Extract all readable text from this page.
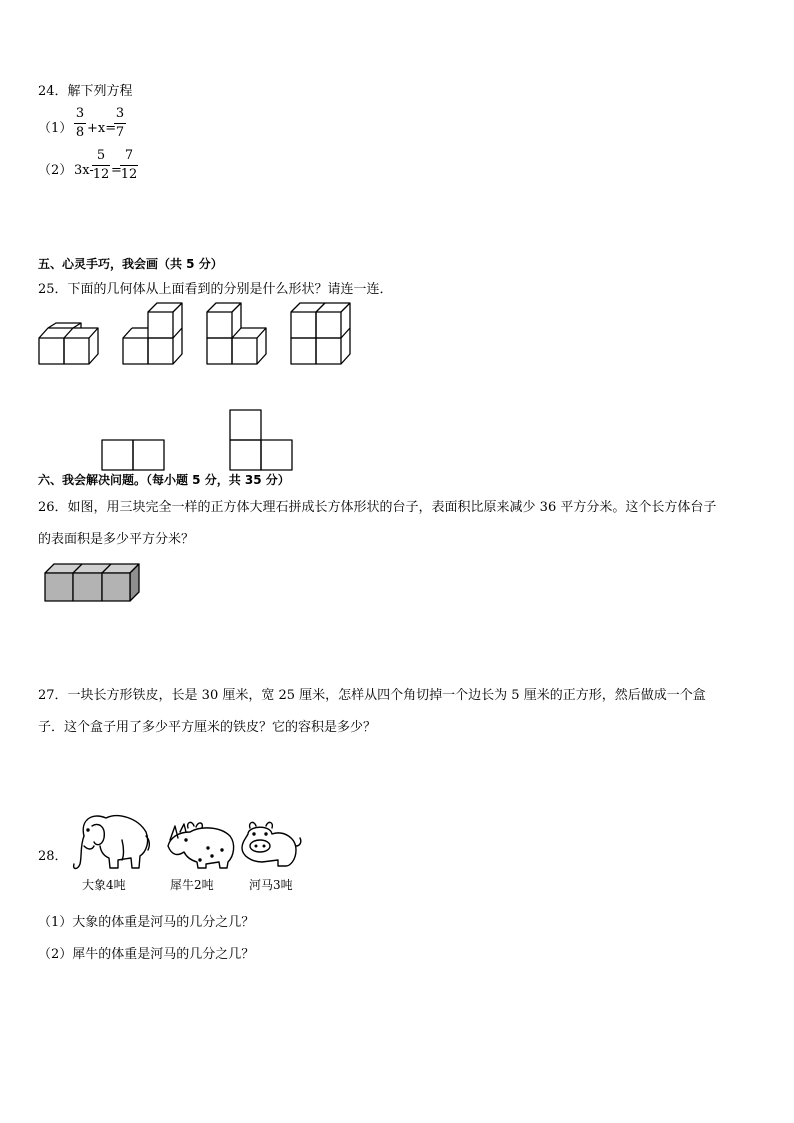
24．解下列方程
（1）
3
8 +x=
3
7
（2） 3x-
5
12 =
7
12
五、心灵手巧，我会画（共 5 分）
25．下面的几何体从上面看到的分别是什么形状？请连一连．
六、我会解决问题。（每小题 5 分，共 35 分）
26．如图，用三块完全一样的正方体大理石拼成长方体形状的台子，表面积比原来减少 36 平方分米。这个长方体台子
的表面积是多少平方分米？
27．一块长方形铁皮，长是 30 厘米，宽 25 厘米，怎样从四个角切掉一个边长为 5 厘米的正方形，然后做成一个盒
子．这个盒子用了多少平方厘米的铁皮？它的容积是多少？
28．
大象4吨	犀牛2吨	河马3吨
（1）大象的体重是河马的几分之几？
（2）犀牛的体重是河马的几分之几？
